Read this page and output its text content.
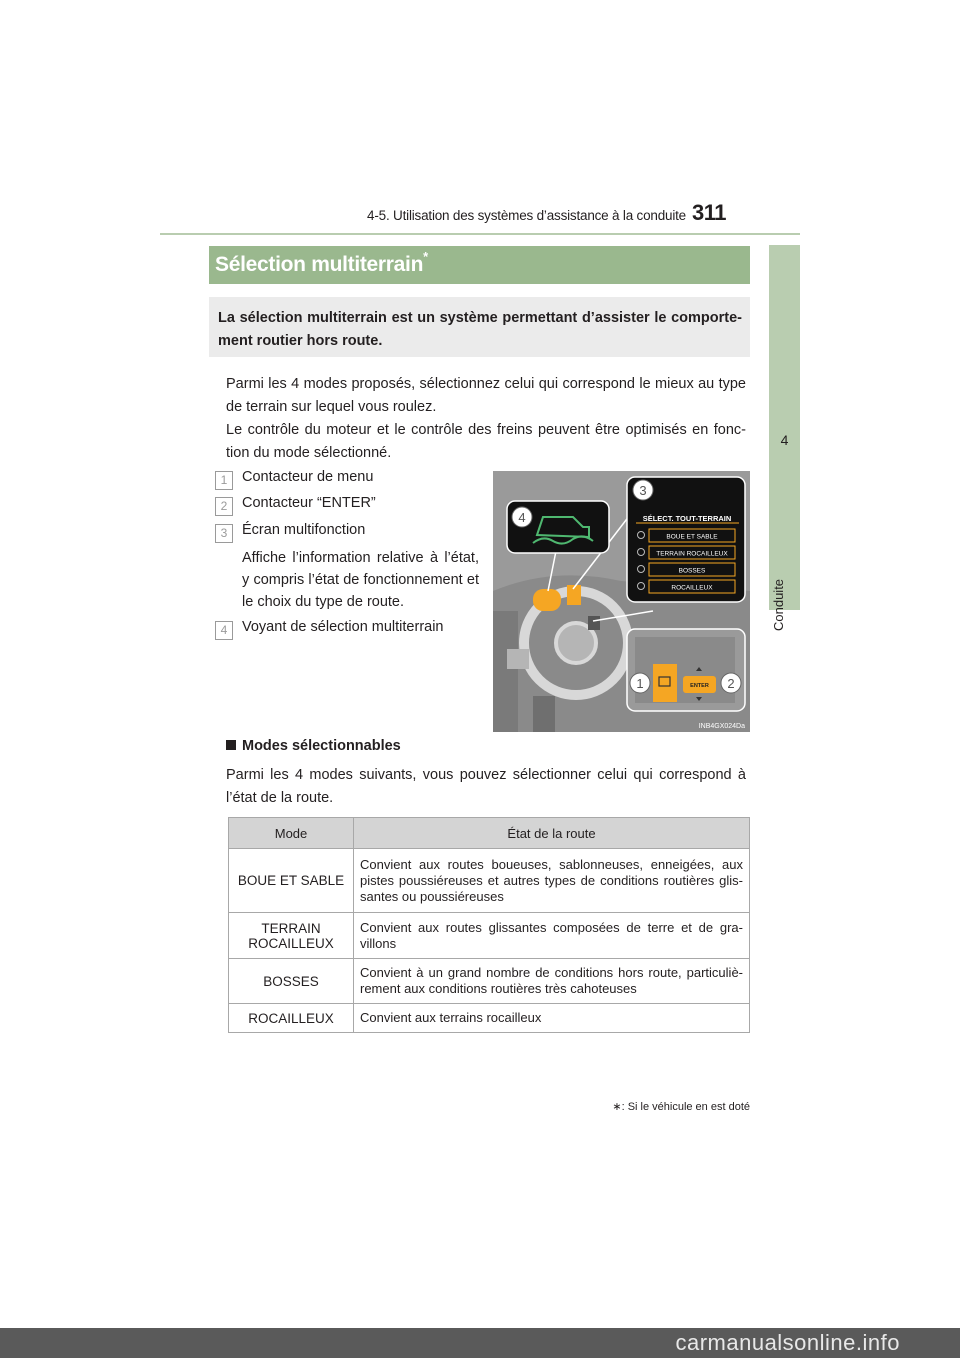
4-5. Utilisation des systèmes d’assistance à la conduite 311
4
Conduite
Sélection multiterrain*
La sélection multiterrain est un système permettant d’assister le comporte-ment routier hors route.
Parmi les 4 modes proposés, sélectionnez celui qui correspond le mieux au type de terrain sur lequel vous roulez.
Le contrôle du moteur et le contrôle des freins peuvent être optimisés en fonc-tion du mode sélectionné.
1	Contacteur de menu
2	Contacteur “ENTER”
3	Écran multifonction
Affiche l’information relative à l’état, y compris l’état de fonctionnement et le choix du type de route.
4	Voyant de sélection multiterrain
SÉLECT. TOUT-TERRAIN
BOUE ET SABLE
TERRAIN ROCAILLEUX
BOSSES
ROCAILLEUX
ENTER
4
3
1	2
INB4GX024Da
Modes sélectionnables
Parmi les 4 modes suivants, vous pouvez sélectionner celui qui correspond à l’état de la route.
Mode	État de la route
BOUE ET SABLE	Convient aux routes boueuses, sablonneuses, enneigées, aux pistes poussiéreuses et autres types de conditions routières glis-santes ou poussiéreuses
TERRAIN ROCAILLEUX	Convient aux routes glissantes composées de terre et de gra-villons
BOSSES	Convient à un grand nombre de conditions hors route, particuliè-rement aux conditions routières très cahoteuses
ROCAILLEUX	Convient aux terrains rocailleux
∗: Si le véhicule en est doté
carmanualsonline.info
